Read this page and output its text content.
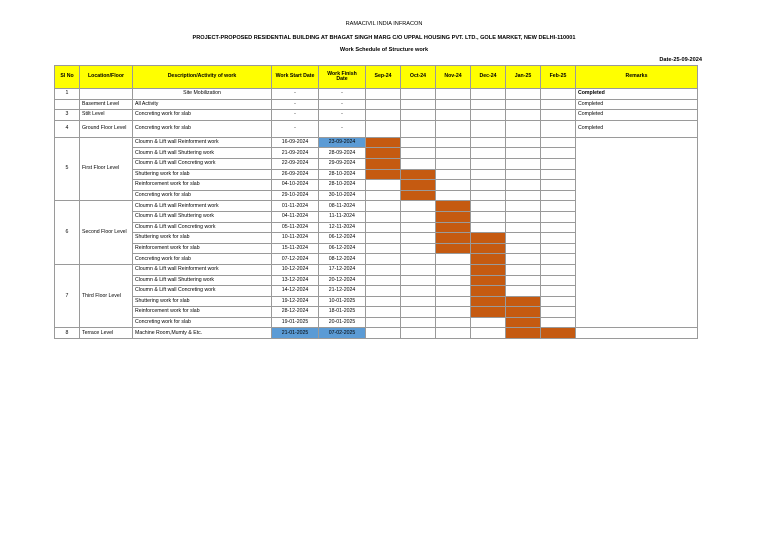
RAMACIVIL INDIA INFRACON
PROJECT-PROPOSED RESIDENTIAL BUILDING AT BHAGAT SINGH MARG C/O UPPAL HOUSING PVT. LTD., GOLE MARKET, NEW DELHI-110001
Work Schedule of Structure work
Date-25-09-2024
Sl No	Location/Floor	Description/Activity of work	Work Start Date	Work Finish Date	Sep-24	Oct-24	Nov-24	Dec-24	Jan-25	Feb-25	Remarks
1		Site Mobilization	-	-							Completed
	Basement Level	All Activity	-	-							Completed
3	Stilt Level	Concreting work for slab	-	-							Completed
4	Ground Floor Level	Concreting work for slab	-	-							Completed
5	First Floor Level	Cloumn & Lift wall Reinforment work	16-09-2024	23-09-2024							
		Cloumn & Lift wall Shuttering work	21-09-2024	28-09-2024							
		Cloumn & Lift wall Concreting work	22-09-2024	29-09-2024							
		Shuttering work for slab	26-09-2024	28-10-2024							
		Reinforcement work for slab	04-10-2024	28-10-2024							
		Concreting work for slab	29-10-2024	30-10-2024							
6	Second Floor Level	Cloumn & Lift wall Reinforment work	01-11-2024	08-11-2024							
		Cloumn & Lift wall Shuttering work	04-11-2024	11-11-2024							
		Cloumn & Lift wall Concreting work	05-11-2024	12-11-2024							
		Shuttering work for slab	10-11-2024	06-12-2024							
		Reinforcement work for slab	15-11-2024	06-12-2024							
		Concreting work for slab	07-12-2024	08-12-2024							
7	Third Floor Level	Cloumn & Lift wall Reinforment work	10-12-2024	17-12-2024							
		Cloumn & Lift wall Shuttering work	13-12-2024	20-12-2024							
		Cloumn & Lift wall Concreting work	14-12-2024	21-12-2024							
		Shuttering work for slab	19-12-2024	10-01-2025							
		Reinforcement work for slab	28-12-2024	18-01-2025							
		Concreting work for slab	19-01-2025	20-01-2025							
8	Terrace Level	Machine Room,Mumty & Etc.	21-01-2025	07-02-2025							
